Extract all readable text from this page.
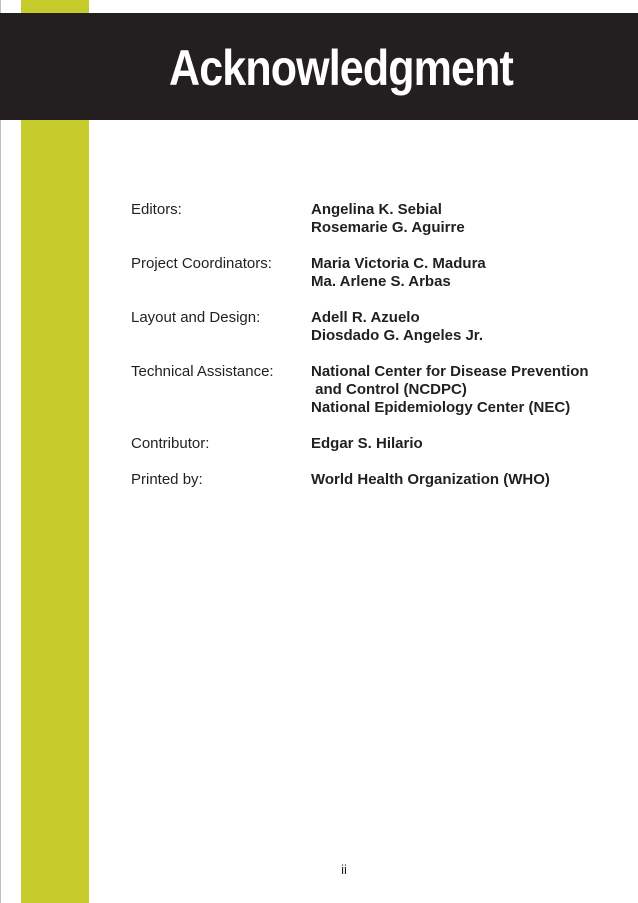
Acknowledgment
Editors:	Angelina K. Sebial
Rosemarie G. Aguirre
Project Coordinators:	Maria Victoria C. Madura
Ma. Arlene S. Arbas
Layout and Design:	Adell R. Azuelo
Diosdado G. Angeles Jr.
Technical Assistance:	National Center for Disease Prevention
and Control (NCDPC)
National Epidemiology Center (NEC)
Contributor:	Edgar S. Hilario
Printed by:	World Health Organization (WHO)
ii
